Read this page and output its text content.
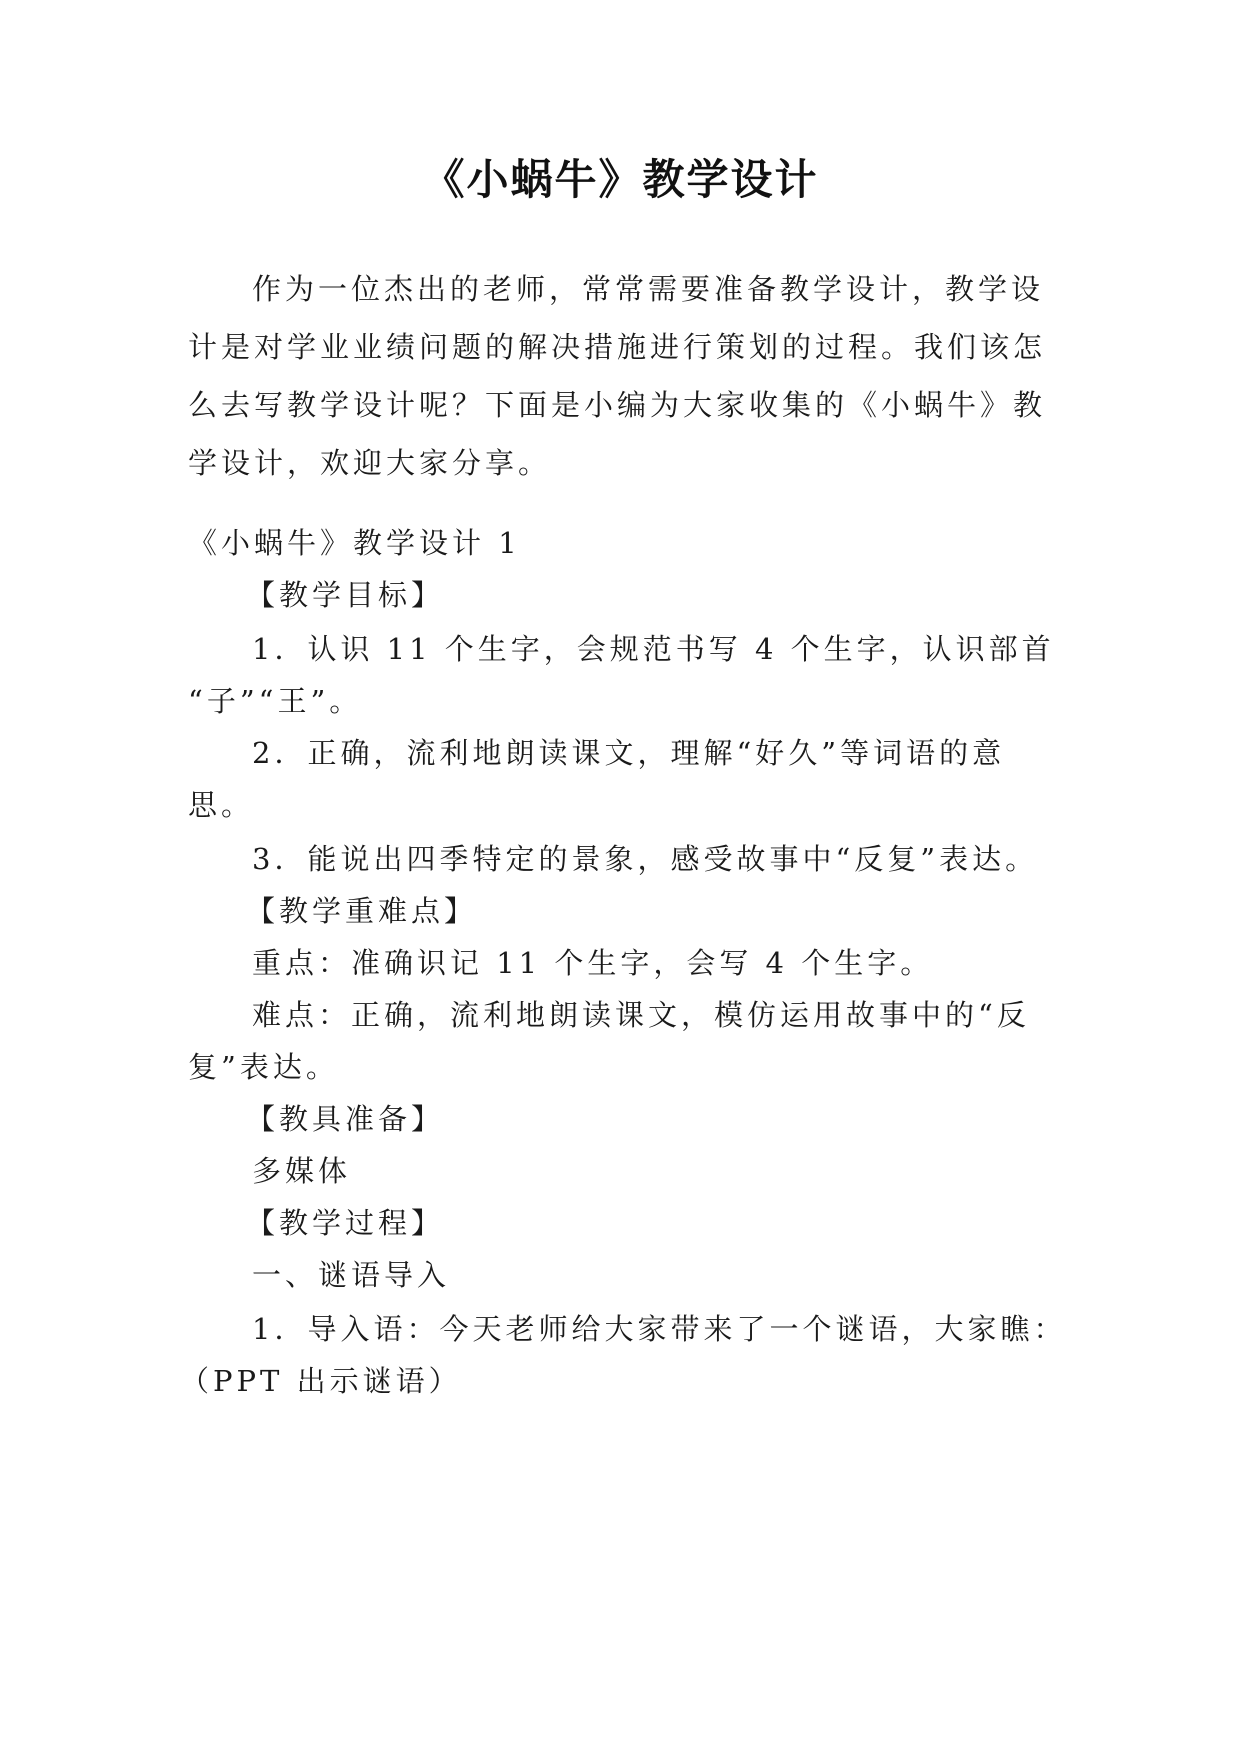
《小蜗牛》教学设计

作为一位杰出的老师，常常需要准备教学设计，教学设计是对学业业绩问题的解决措施进行策划的过程。我们该怎么去写教学设计呢？下面是小编为大家收集的《小蜗牛》教学设计，欢迎大家分享。

《小蜗牛》教学设计 1
【教学目标】
1．认识 11 个生字，会规范书写 4 个生字，认识部首
“子”“王”。
2．正确，流利地朗读课文，理解“好久”等词语的意
思。
3．能说出四季特定的景象，感受故事中“反复”表达。
【教学重难点】
重点：准确识记 11 个生字，会写 4 个生字。
难点：正确，流利地朗读课文，模仿运用故事中的“反
复”表达。
【教具准备】
多媒体
【教学过程】
一、谜语导入
1．导入语：今天老师给大家带来了一个谜语，大家瞧：
（PPT 出示谜语）
